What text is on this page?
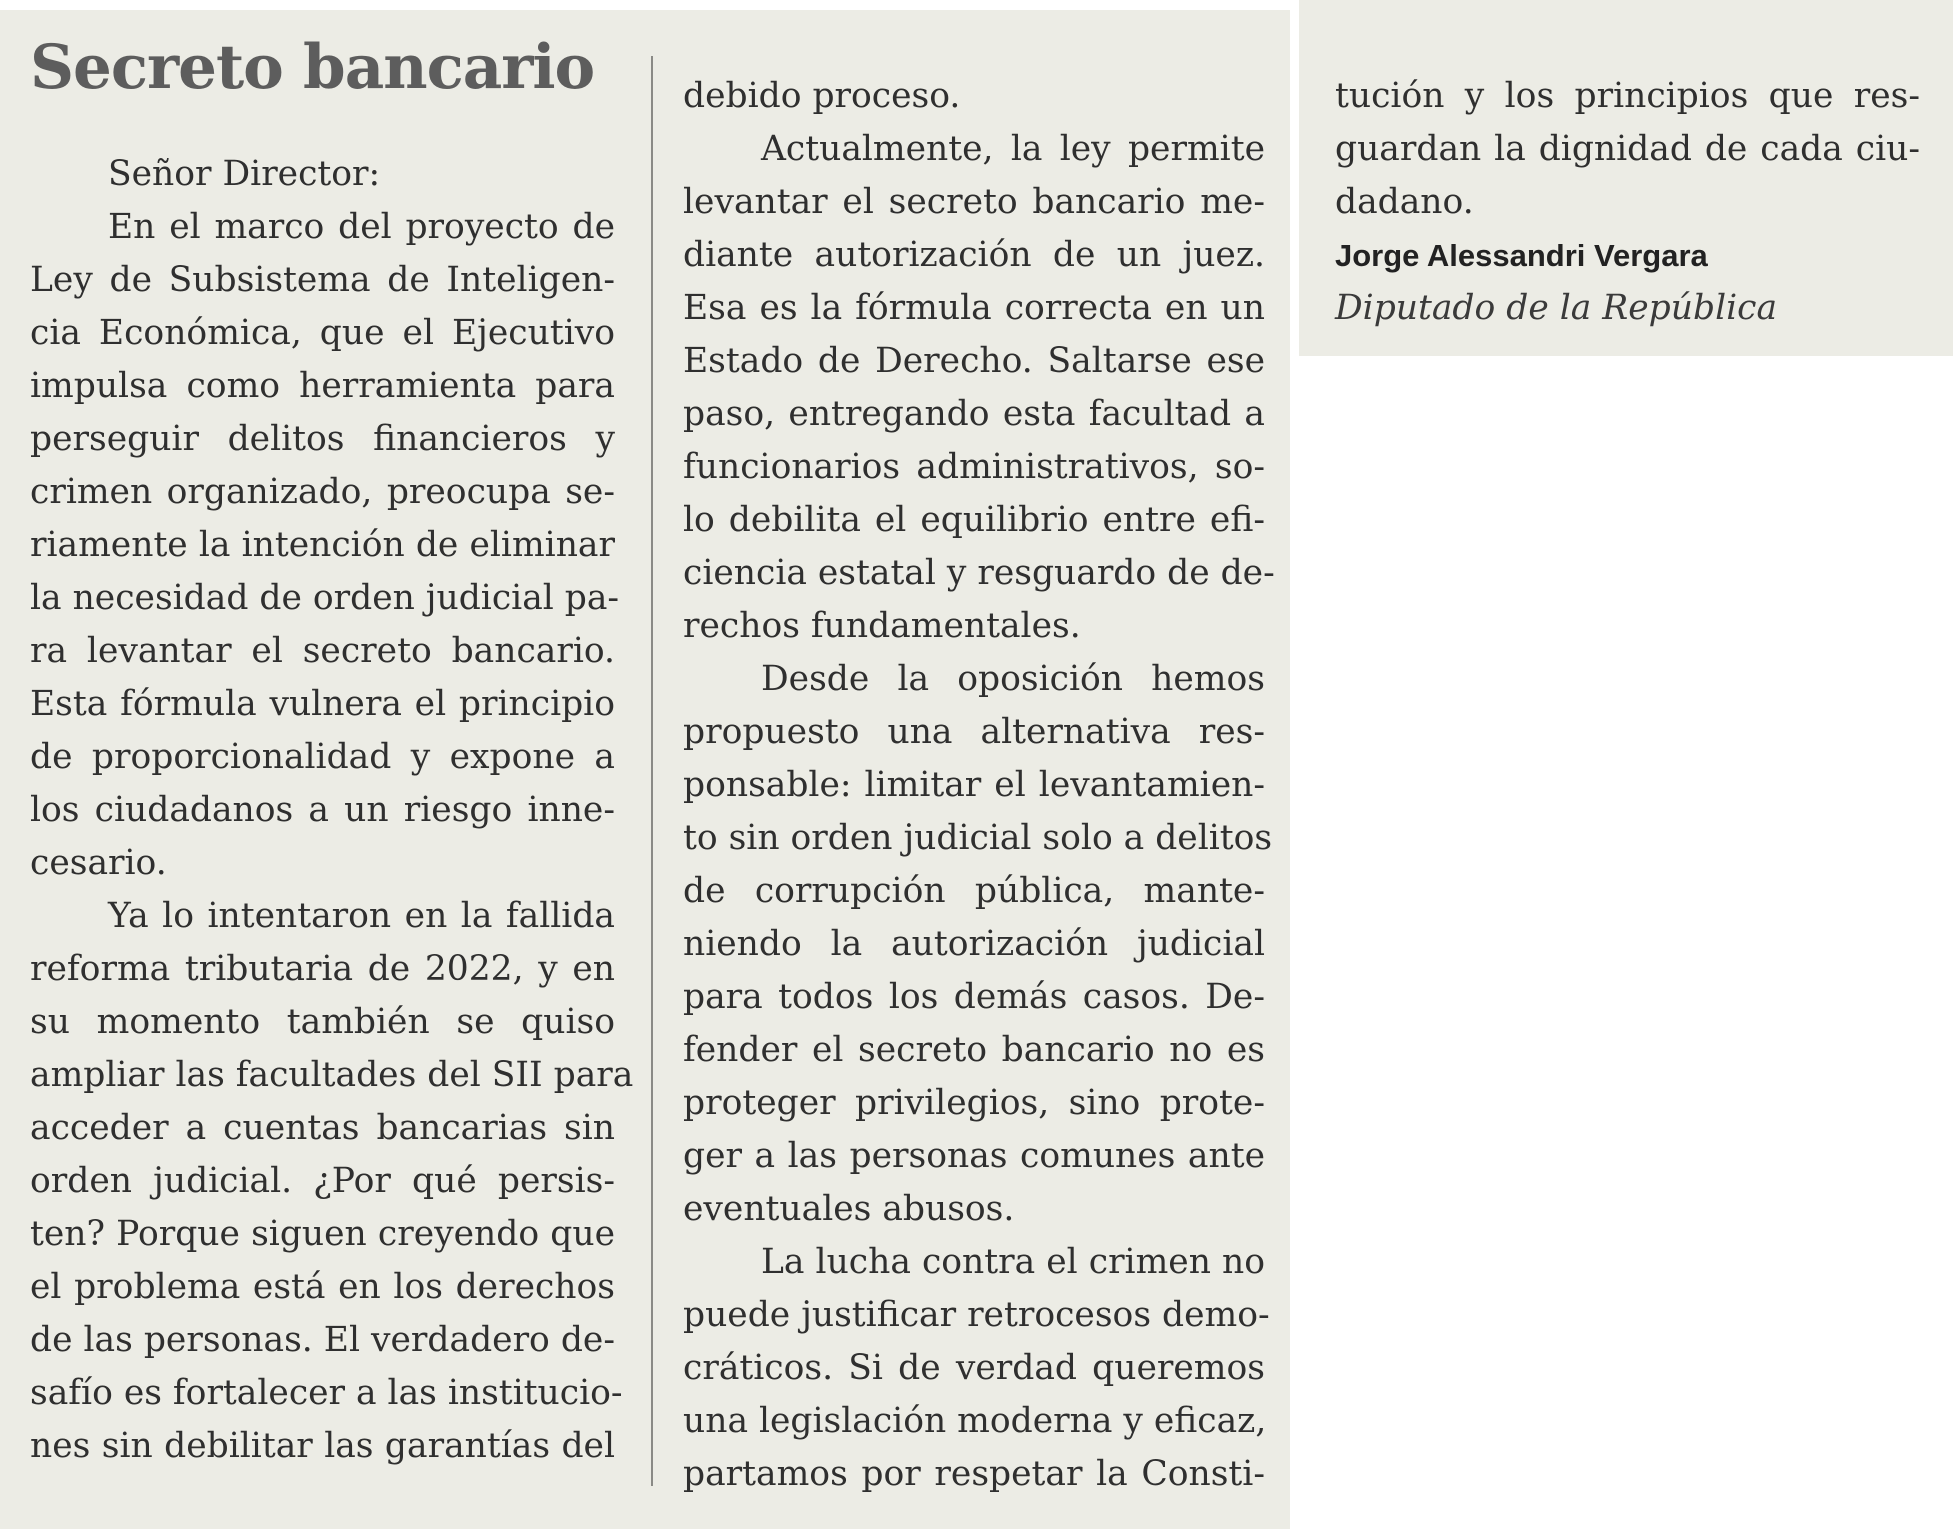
Secreto bancario
Señor Director:
En el marco del proyecto de
Ley de Subsistema de Inteligen-
cia Económica, que el Ejecutivo
impulsa como herramienta para
perseguir delitos financieros y
crimen organizado, preocupa se-
riamente la intención de eliminar
la necesidad de orden judicial pa-
ra levantar el secreto bancario.
Esta fórmula vulnera el principio
de proporcionalidad y expone a
los ciudadanos a un riesgo inne-
cesario.
Ya lo intentaron en la fallida
reforma tributaria de 2022, y en
su momento también se quiso
ampliar las facultades del SII para
acceder a cuentas bancarias sin
orden judicial. ¿Por qué persis-
ten? Porque siguen creyendo que
el problema está en los derechos
de las personas. El verdadero de-
safío es fortalecer a las institucio-
nes sin debilitar las garantías del
debido proceso.
Actualmente, la ley permite
levantar el secreto bancario me-
diante autorización de un juez.
Esa es la fórmula correcta en un
Estado de Derecho. Saltarse ese
paso, entregando esta facultad a
funcionarios administrativos, so-
lo debilita el equilibrio entre efi-
ciencia estatal y resguardo de de-
rechos fundamentales.
Desde la oposición hemos
propuesto una alternativa res-
ponsable: limitar el levantamien-
to sin orden judicial solo a delitos
de corrupción pública, mante-
niendo la autorización judicial
para todos los demás casos. De-
fender el secreto bancario no es
proteger privilegios, sino prote-
ger a las personas comunes ante
eventuales abusos.
La lucha contra el crimen no
puede justificar retrocesos demo-
cráticos. Si de verdad queremos
una legislación moderna y eficaz,
partamos por respetar la Consti-
tución y los principios que res-
guardan la dignidad de cada ciu-
dadano.
Jorge Alessandri Vergara
Diputado de la República
